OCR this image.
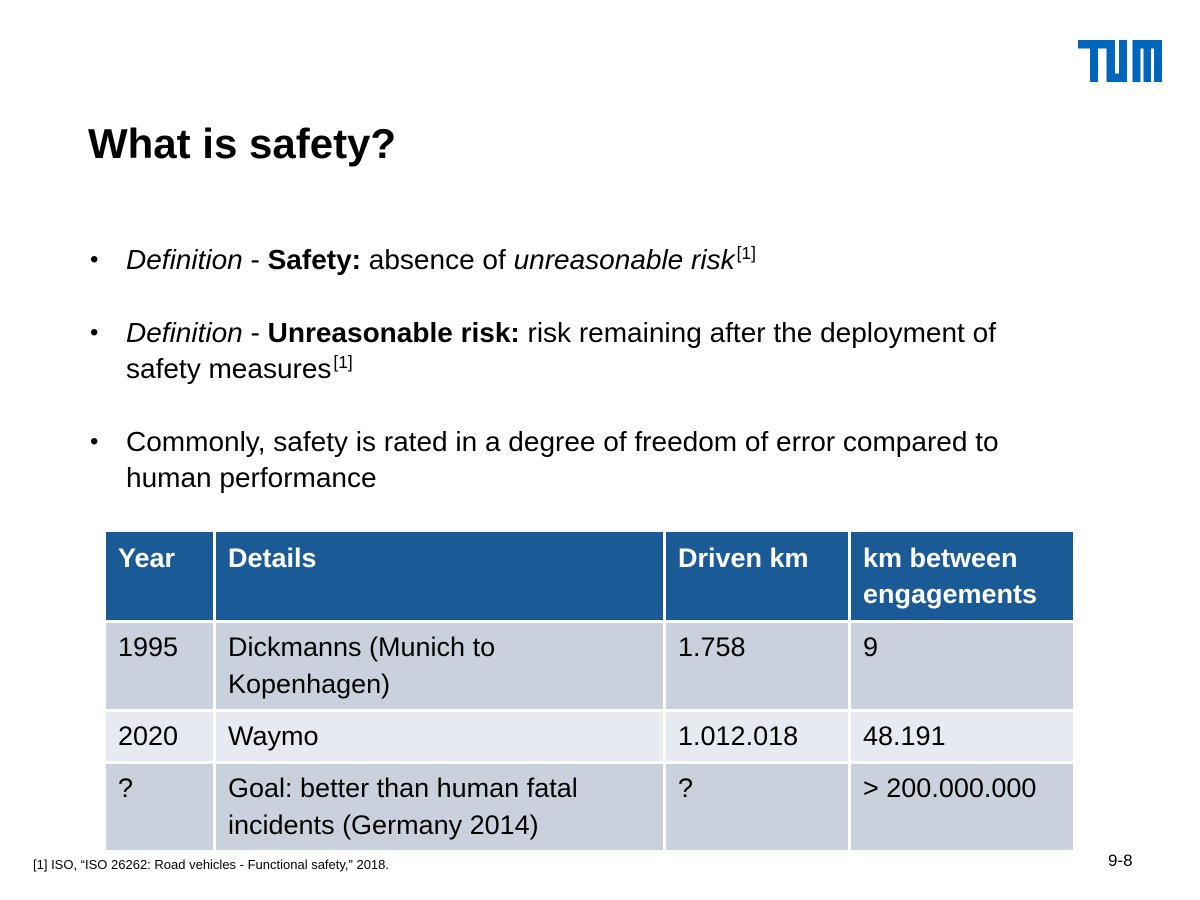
What is safety?
• Definition - Safety: absence of unreasonable risk [1]
• Definition - Unreasonable risk: risk remaining after the deployment of safety measures [1]
• Commonly, safety is rated in a degree of freedom of error compared to human performance
Year	Details	Driven km	km between engagements
1995	Dickmanns (Munich to Kopenhagen)	1.758	9
2020	Waymo	1.012.018	48.191
?	Goal: better than human fatal incidents (Germany 2014)	?	> 200.000.000
[1] ISO, “ISO 26262: Road vehicles - Functional safety,” 2018.	9-8
